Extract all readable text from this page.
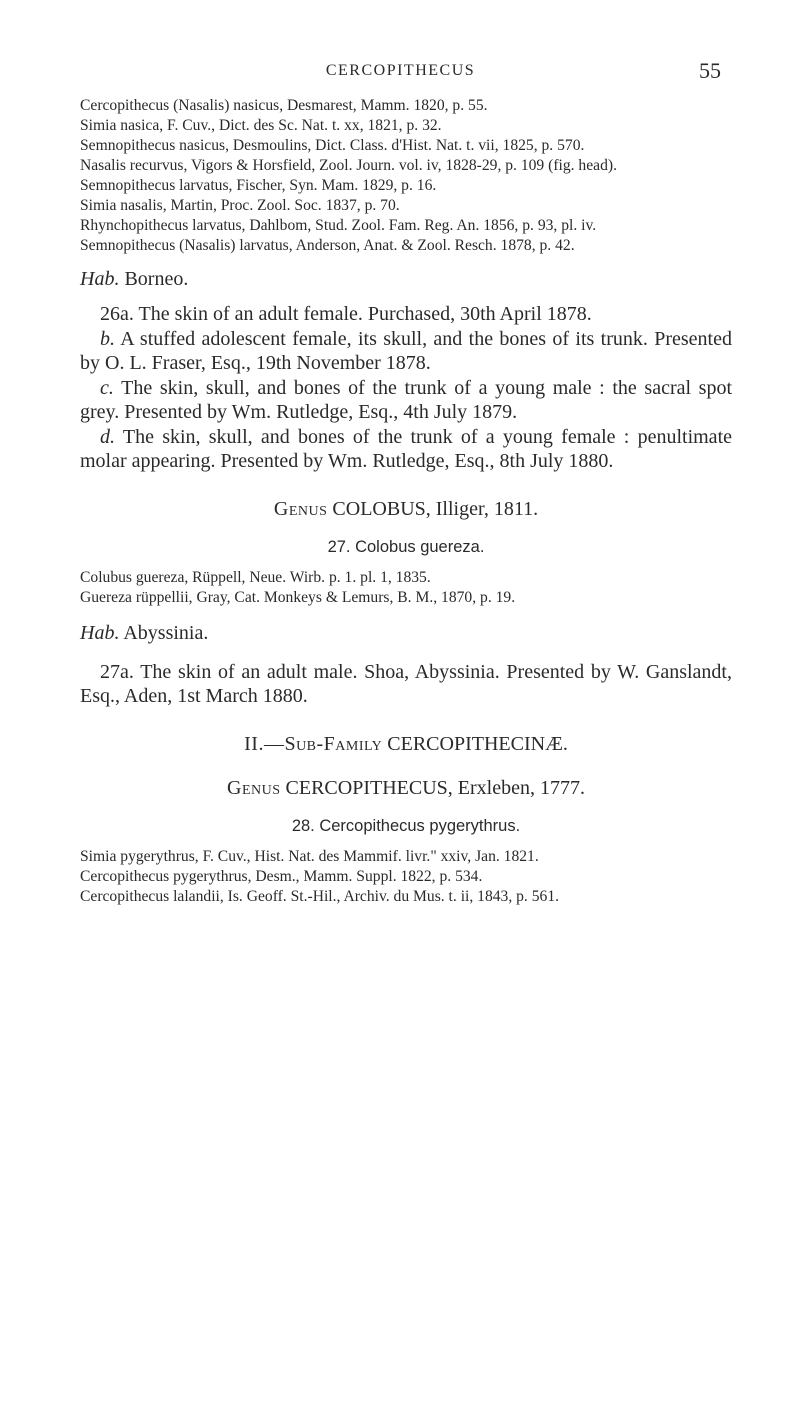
CERCOPITHECUS	55

Cercopithecus (Nasalis) nasicus, Desmarest, Mamm. 1820, p. 55.

Simia nasica, F. Cuv., Dict. des Sc. Nat. t. xx, 1821, p. 32.

Semnopithecus nasicus, Desmoulins, Dict. Class. d'Hist. Nat. t. vii, 1825, p. 570.

Nasalis recurvus, Vigors & Horsfield, Zool. Journ. vol. iv, 1828-29, p. 109 (fig. head).

Semnopithecus larvatus, Fischer, Syn. Mam. 1829, p. 16.

Simia nasalis, Martin, Proc. Zool. Soc. 1837, p. 70.

Rhynchopithecus larvatus, Dahlbom, Stud. Zool. Fam. Reg. An. 1856, p. 93, pl. iv.

Semnopithecus (Nasalis) larvatus, Anderson, Anat. & Zool. Resch. 1878, p. 42.

Hab. Borneo.

26a. The skin of an adult female. Purchased, 30th April 1878.

b. A stuffed adolescent female, its skull, and the bones of its trunk. Presented by O. L. Fraser, Esq., 19th November 1878.

c. The skin, skull, and bones of the trunk of a young male : the sacral spot grey. Presented by Wm. Rutledge, Esq., 4th July 1879.

d. The skin, skull, and bones of the trunk of a young female : penultimate molar appearing. Presented by Wm. Rutledge, Esq., 8th July 1880.

Genus COLOBUS, Illiger, 1811.

27. Colobus guereza.

Colubus guereza, Rüppell, Neue. Wirb. p. 1. pl. 1, 1835.

Guereza rüppellii, Gray, Cat. Monkeys & Lemurs, B. M., 1870, p. 19.

Hab. Abyssinia.

27a. The skin of an adult male. Shoa, Abyssinia. Presented by W. Ganslandt, Esq., Aden, 1st March 1880.

II.—Sub-Family CERCOPITHECINÆ.

Genus CERCOPITHECUS, Erxleben, 1777.

28. Cercopithecus pygerythrus.

Simia pygerythrus, F. Cuv., Hist. Nat. des Mammif. livr." xxiv, Jan. 1821.

Cercopithecus pygerythrus, Desm., Mamm. Suppl. 1822, p. 534.

Cercopithecus lalandii, Is. Geoff. St.-Hil., Archiv. du Mus. t. ii, 1843, p. 561.
